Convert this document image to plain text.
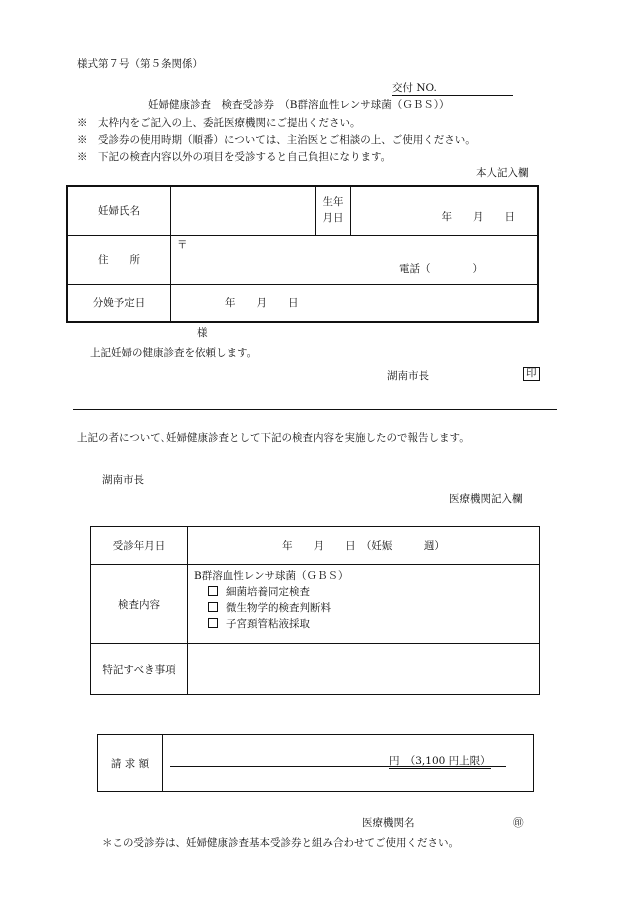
様式第７号（第５条関係）
交付 NO.
妊婦健康診査　検査受診券　（B群溶血性レンサ球菌（ＧＢＳ））
※　太枠内をご記入の上、委託医療機関にご提出ください。
※　受診券の使用時期（順番）については、主治医とご相談の上、ご使用ください。
※　下記の検査内容以外の項目を受診すると自己負担になります。
本人記入欄
妊婦氏名		生年
月日	年　　月　　日
住　　所	〒
電話（　　　　）		

分娩予定日	年　　月　　日		
様
上記妊婦の健康診査を依頼します。
湖南市長	印
上記の者について､妊婦健康診査として下記の検査内容を実施したので報告します。
湖南市長
医療機関記入欄
受診年月日	年　　月　　日　（妊娠　　　週）
検査内容	B群溶血性レンサ球菌（ＧＢＳ）
細菌培養同定検査
微生物学的検査判断料
子宮頚管粘液採取

特記すべき事項	
請 求 額	円　（3,100 円上限）
医療機関名	㊞
＊この受診券は、妊婦健康診査基本受診券と組み合わせてご使用ください。
